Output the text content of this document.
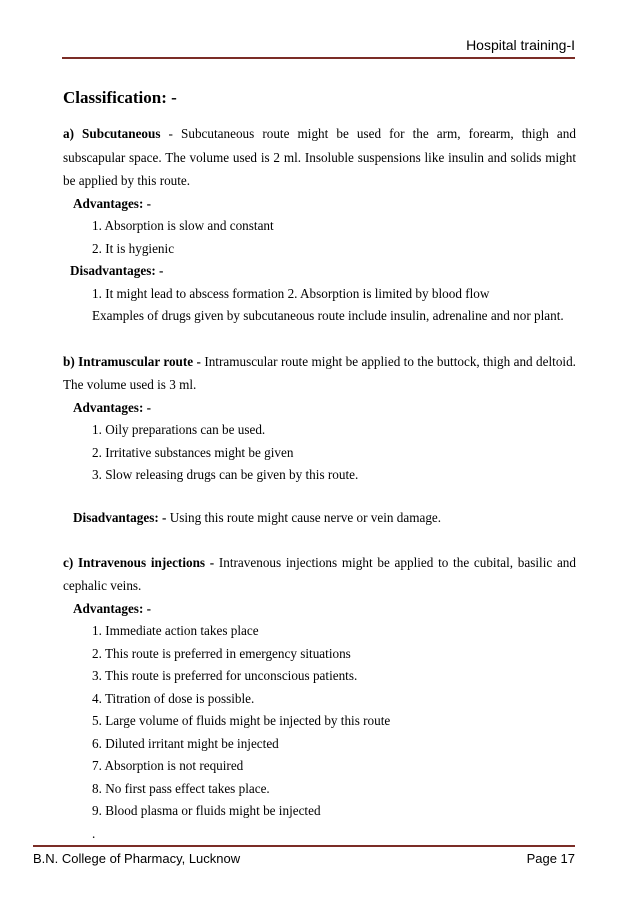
Hospital training-I
Classification: -

a) Subcutaneous - Subcutaneous route might be used for the arm, forearm, thigh and subscapular space. The volume used is 2 ml. Insoluble suspensions like insulin and solids might be applied by this route.

Advantages: -
1. Absorption is slow and constant
2. It is hygienic
Disadvantages: -
1. It might lead to abscess formation 2. Absorption is limited by blood flow
Examples of drugs given by subcutaneous route include insulin, adrenaline and nor plant.

b) Intramuscular route - Intramuscular route might be applied to the buttock, thigh and deltoid. The volume used is 3 ml.

Advantages: -
1. Oily preparations can be used.
2. Irritative substances might be given
3. Slow releasing drugs can be given by this route.
Disadvantages: - Using this route might cause nerve or vein damage.

c) Intravenous injections - Intravenous injections might be applied to the cubital, basilic and cephalic veins.

Advantages: -
1. Immediate action takes place
2. This route is preferred in emergency situations
3. This route is preferred for unconscious patients.
4. Titration of dose is possible.
5. Large volume of fluids might be injected by this route
6. Diluted irritant might be injected
7. Absorption is not required
8. No first pass effect takes place.
9. Blood plasma or fluids might be injected
.
B.N. College of Pharmacy, Lucknow	Page 17
